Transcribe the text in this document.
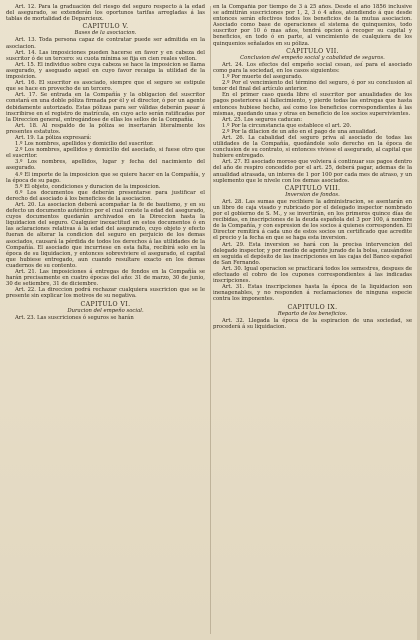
Art. 12. Para la graduación del riesgo del seguro respecto á la edad del asegurado, se extenderán los oportunos tarifas arregladas á las tablas de mortalidad de Deparcieux.

CAPITULO V.

Bases de la asociacion.

Art. 13. Toda persona capaz de contratar puede ser admitida en la asociacion.

Art. 14. Las imposiciones pueden hacerse en favor y en cabeza del suscritor ó de un tercero: su cuota mínima se fija en cien reales vellon.

Art. 15. El individuo sobre cuya cabeza se hace la imposicion se llama asegurado, y aseguado aquel en cuyo favor recaiga la utilidad de la imposicion.

Art. 16. El suscritor es asociado, siempre que el seguro se estipule que se hace en provecho de un tercero.

Art. 17. Se entrada en la Compañía y la obligacion del suscritor constará en una doble póliza firmada por él y el director, ó por un agente debidamente autorizado. Estas pólizas para ser válidas deberán pasar á inscribirse en el registro de matrícula, en cuyo acto serán ratificadas por la Direccion general, entregándose de ellas los sellos de la Compañía.

Art. 18. Al respaldo de la póliza se insertarán literalmente los presentes estatutos.

Art. 19. La póliza expresará:

1.º Los nombres, apellidos y domicilio del suscritor.

2.º Los nombres, apellidos y domicilio del asociado, si fuese otro que el suscritor.

3.º Los nombres, apellidos, lugar y fecha del nacimiento del asegurado.

4.º El importe de la imposicion que se quiere hacer en la Compañía, y la época de su pago.

5.º El objeto, condiciones y duracion de la imposicion.

6.º Los documentos que deberán presentarse para justificar el derecho del asociado á los beneficios de la asociacion.

Art. 20. La asociacion deberá acompañar la fe de bautismo, y en su defecto un documento auténtico por el cual conste la edad del asegurado, cuyos documentos quedarán archivados en la Direccion hasta la liquidacion del seguro. Cualquier inexactitud en estos documentos ó en las aclaraciones relativas á la edad del asegurado, cuyo objeto y efecto fueran de alterar la condicion del seguro en perjuicio de los demas asociados, causará la pérdida de todos los derechos á las utilidades de la Compañía. El asociado que incurriese en esta falta, recibirá solo en la época de su liquidacion, y entonces sobreviviere el asegurado, el capital que hubiese entregado, aun cuando resultare exacto en los demas cuadernos de su contento.

Art. 21. Las imposiciones á entregas de fondos en la Compañía se harán precisamente en cuatro épocas del año: 31 de marzo, 30 de junio, 30 de setiembre, 31 de diciembre.

Art. 22. La direccion podrá rechazar cualquiera suscricion que se le presente sin explicar los motivos de su negativa.

CAPITULO VI.

Duracion del empeño social.

Art. 23. Las suscriciones ó seguros se harán

en la Compañía por tiempo de 3 á 25 años. Desde el año 1856 inclusive se admitirán suscriciones por 1, 2, 3 ó 4 años, atendiendo á que desde entonces serán efectivos todos los beneficios de la mutua asociacion. Asociado como base de operaciones el sistema de quinquenios, todo suscritor por 10 ó mas años, tendrá opcion á recoger su capital y beneficios, en todo ó en parte, al vencimiento de cualquiera de los quinquenios señalados en su póliza.

CAPITULO VII.

Conclusion del empeño social y cabalidad de seguros.

Art. 24. Los efectos del empeño social cesan, así para el asociado como para la sociedad, en los casos siguientes:

1.º Por muerte del asegurado.

2.º Por el vencimiento del término del seguro, ó por su conclusion al tenor del final del artículo anterior.

En el primer caso queda libre el suscritor por anualidades de los pagos posteriores al fallecimiento, y pierde todas las entregas que hasta entonces hubiese hecho, así como los beneficios correspondientes á las mismas, quedando unas y otras en beneficio de los socios supervivientes.

Art. 25. Los seguros caducan:

1.º Por la circunstancia que establece el art. 20.

2.º Por la dilacion de un año en el pago de una anualidad.

Art. 26. La cabalidad del seguro priva al asociado de todas las utilidades de la Compañía, quedándole solo derecho en la época de conclusion de su contrato, si entonces viviese el asegurado, al capital que hubiere entregado.

Art. 27. El asociado moroso que volviera á continuar sus pagos dentro del año de respiro concedido por el art. 25, deberá pagar, ademas de la anualidad atrasada, un interes de 1 por 100 por cada mes de atraso, y un suplemento que le nivele con los demas asociados.

CAPITULO VIII.

Inversion de fondos.

Art. 28. Las sumas que recibiere la administracion, se asentarán en un libro de caja visado y rubricado por el delegado inspector nombrado por el gobierno de S. M., y se invertirán, en los primeros quince días de recibidas, en inscripciones de la deuda española del 3 por 100, á nombre de la Compañía, y con espresion de los socios á quienes corresponden. El Director remitirá á cada uno de estos socios un certificado que acredite el precio y la fecha en que se haga esta inversion.

Art. 29. Esta inversion se hará con la precisa intervencion del delegado inspector, y por medio de agente jurado de la bolsa, causándose en seguida el depósito de las inscripciones en las cajas del Banco español de San Fernando.

Art. 30. Igual operacion se practicará todos los semestres, despues de efectuado el cobro de los cupones correspondientes á las indicadas inscripciones.

Art. 31. Estas inscripciones hasta la época de la liquidacion son inenagenables, y no responden á reclamaciones de ninguna especie contra los imponentes.

CAPITULO IX.

Reparto de los beneficios.

Art. 32. Llegada la época de la espiracion de una sociedad, se procederá á su liquidacion.
